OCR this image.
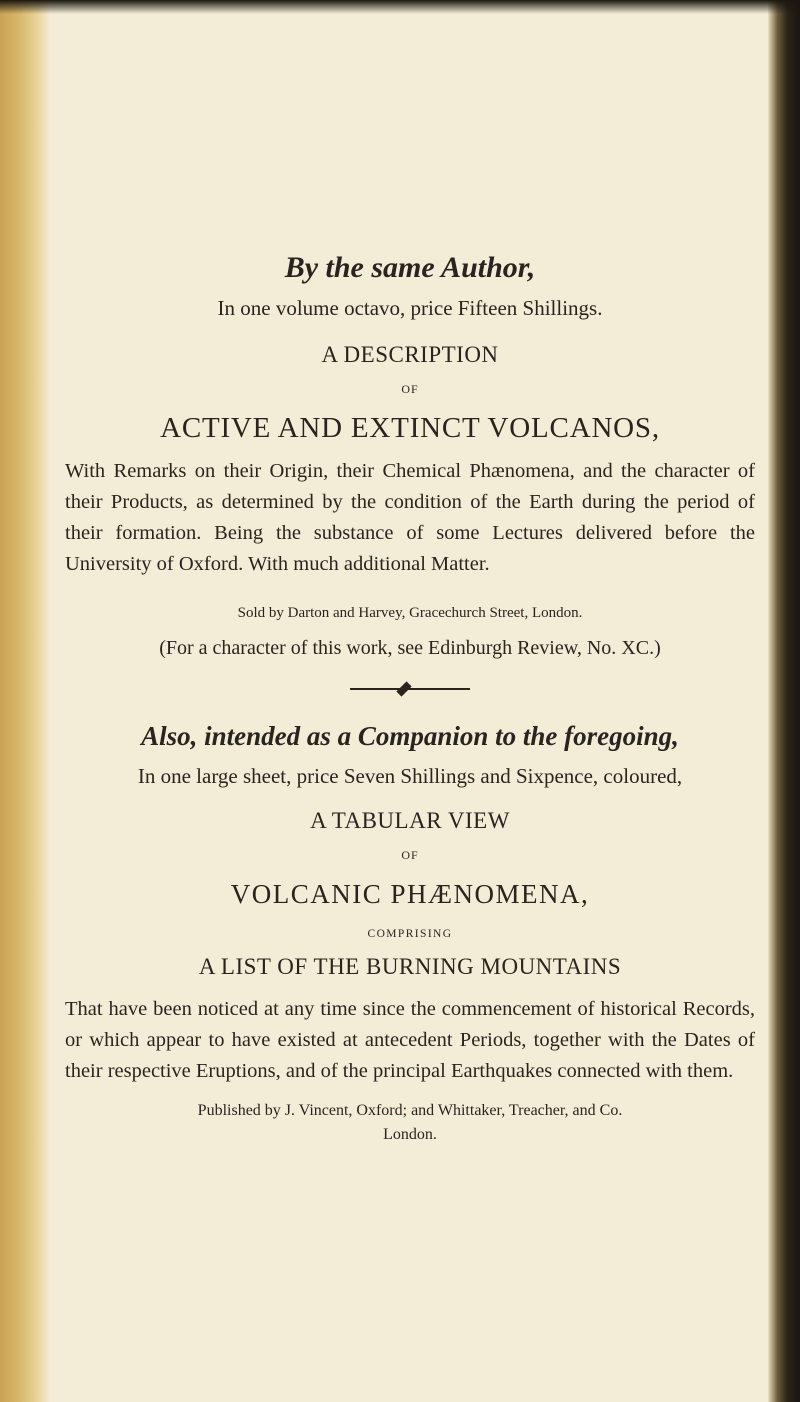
By the same Author,

In one volume octavo, price Fifteen Shillings.

A DESCRIPTION

OF

ACTIVE AND EXTINCT VOLCANOS,

With Remarks on their Origin, their Chemical Phænomena, and the character of their Products, as determined by the condition of the Earth during the period of their formation. Being the substance of some Lectures delivered before the University of Oxford. With much additional Matter.

Sold by Darton and Harvey, Gracechurch Street, London.

(For a character of this work, see Edinburgh Review, No. XC.)

Also, intended as a Companion to the foregoing,

In one large sheet, price Seven Shillings and Sixpence, coloured,

A TABULAR VIEW

OF

VOLCANIC PHÆNOMENA,

COMPRISING

A LIST OF THE BURNING MOUNTAINS

That have been noticed at any time since the commencement of historical Records, or which appear to have existed at antecedent Periods, together with the Dates of their respective Eruptions, and of the principal Earthquakes connected with them.

Published by J. Vincent, Oxford; and Whittaker, Treacher, and Co.

London.
